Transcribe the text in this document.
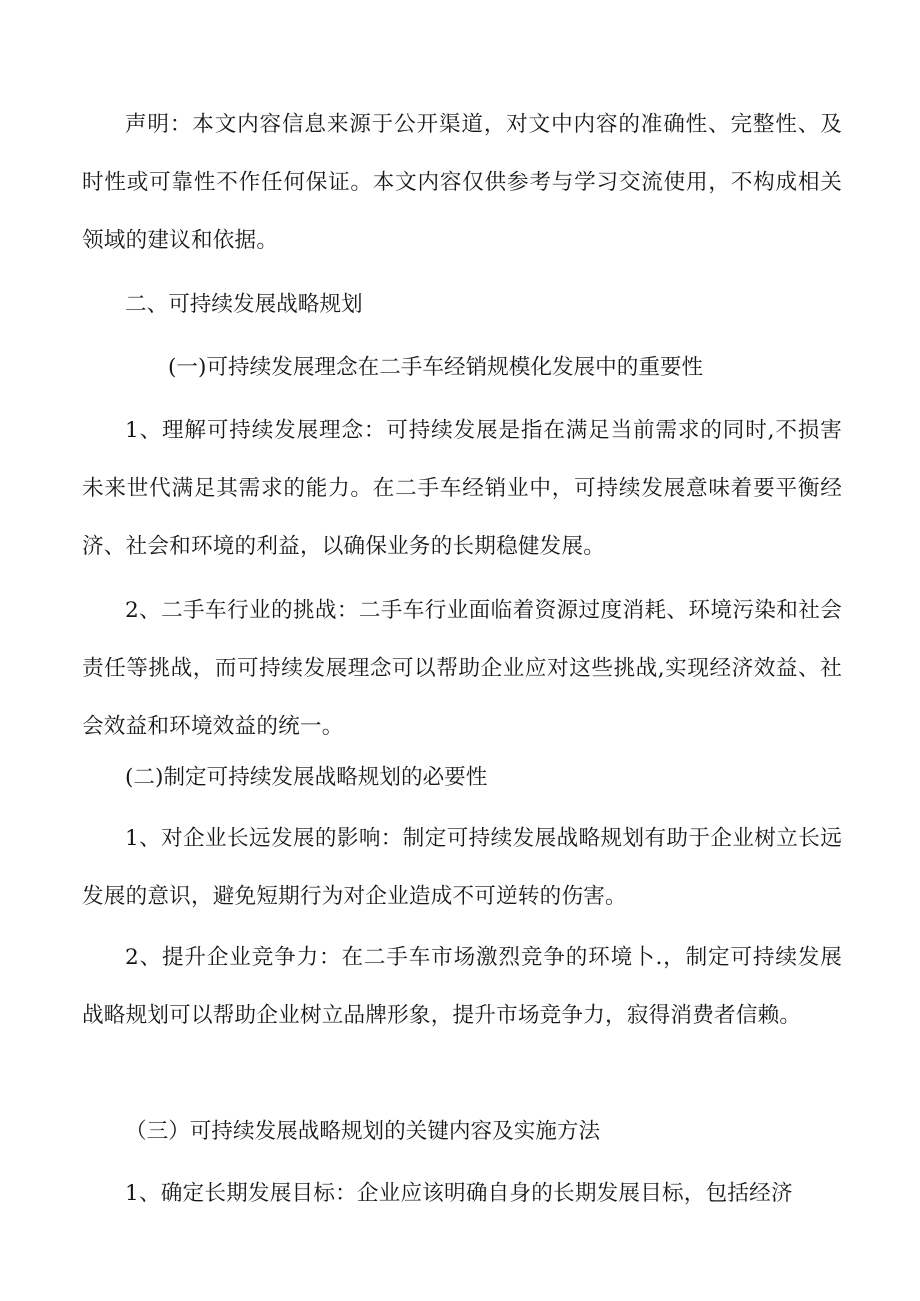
声明：本文内容信息来源于公开渠道，对文中内容的准确性、完整性、及时性或可靠性不作任何保证。本文内容仅供参考与学习交流使用，不构成相关领域的建议和依据。

二、可持续发展战略规划
(一)可持续发展理念在二手车经销规模化发展中的重要性

1、理解可持续发展理念：可持续发展是指在满足当前需求的同时,不损害未来世代满足其需求的能力。在二手车经销业中，可持续发展意味着要平衡经济、社会和环境的利益，以确保业务的长期稳健发展。

2、二手车行业的挑战：二手车行业面临着资源过度消耗、环境污染和社会责任等挑战，而可持续发展理念可以帮助企业应对这些挑战,实现经济效益、社会效益和环境效益的统一。

(二)制定可持续发展战略规划的必要性

1、对企业长远发展的影响：制定可持续发展战略规划有助于企业树立长远发展的意识，避免短期行为对企业造成不可逆转的伤害。

2、提升企业竞争力：在二手车市场激烈竞争的环境卜.，制定可持续发展战略规划可以帮助企业树立品牌形象，提升市场竞争力，寂得消费者信赖。

（三）可持续发展战略规划的关键内容及实施方法

1、确定长期发展目标：企业应该明确自身的长期发展目标，包括经济
